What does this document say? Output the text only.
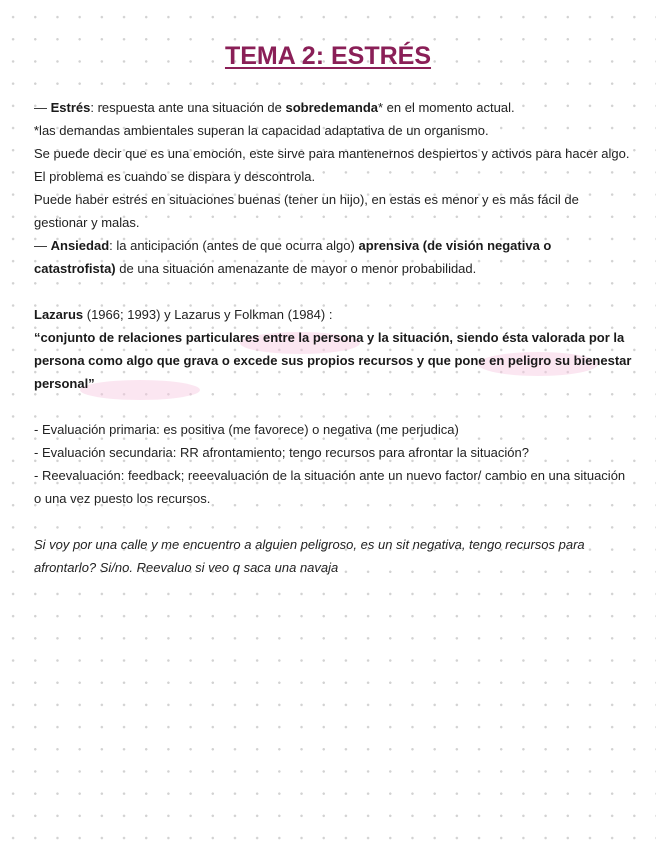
TEMA 2: ESTRÉS

— Estrés: respuesta ante una situación de sobredemanda* en el momento actual.

*las demandas ambientales superan la capacidad adaptativa de un organismo.

Se puede decir que es una emoción, este sirve para mantenernos despiertos y activos para hacer algo. El problema es cuando se dispara y descontrola.

Puede haber estrés en situaciones buenas (tener un hijo), en estas es menor y es más fácil de gestionar y malas.

— Ansiedad: la anticipación (antes de que ocurra algo) aprensiva (de visión negativa o catastrofista) de una situación amenazante de mayor o menor probabilidad.

Lazarus (1966; 1993) y Lazarus y Folkman (1984) :

“conjunto de relaciones particulares entre la persona y la situación, siendo ésta valorada por la persona como algo que grava o excede sus propios recursos y que pone en peligro su bienestar personal”

- Evaluación primaria: es positiva (me favorece) o negativa (me perjudica)

- Evaluación secundaria: RR afrontamiento; tengo recursos para afrontar la situación?

- Reevaluación: feedback; reeevaluación de la situación ante un nuevo factor/ cambio en una situación o una vez puesto los recursos.

Si voy por una calle y me encuentro a alguien peligroso, es un sit negativa, tengo recursos para afrontarlo? Si/no. Reevaluo si veo q saca una navaja
